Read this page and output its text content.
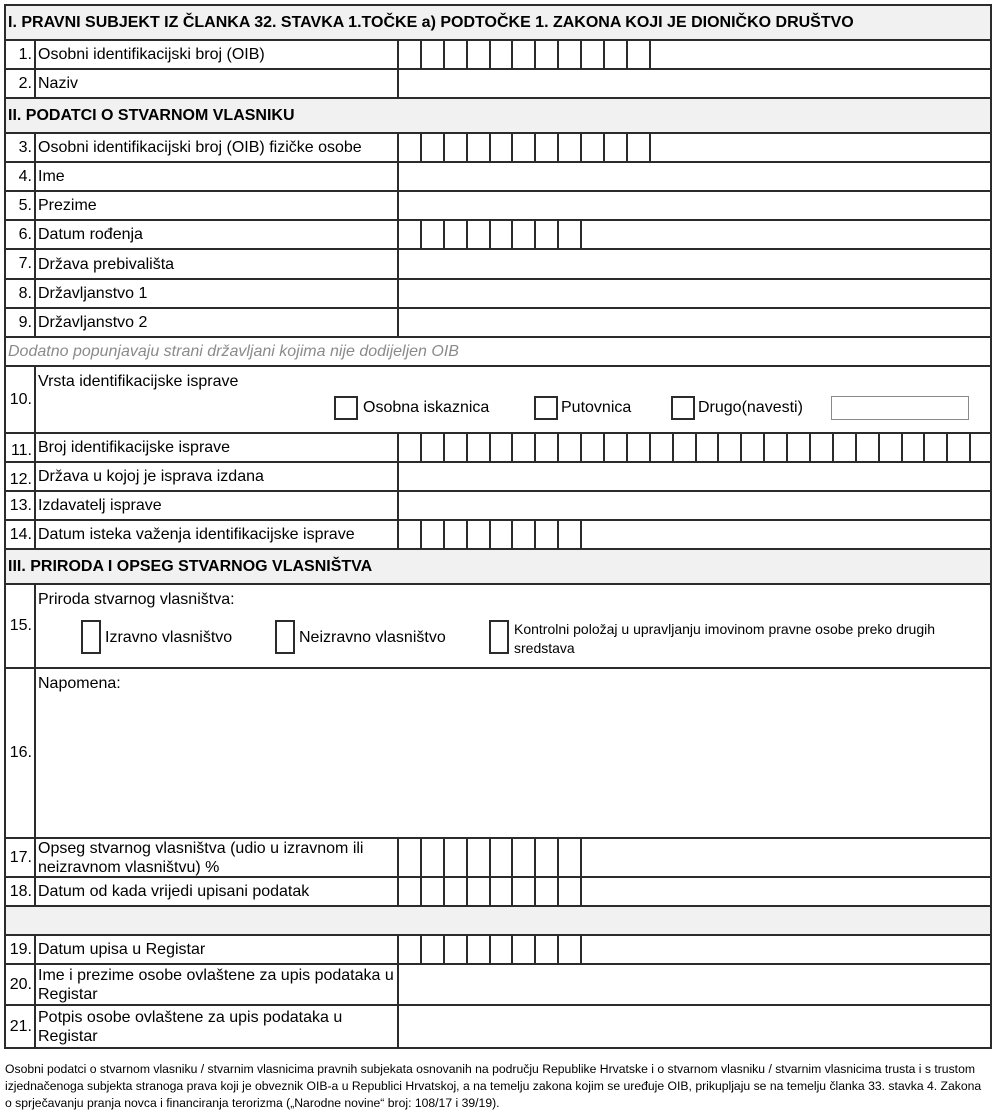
I. PRAVNI SUBJEKT IZ ČLANKA 32. STAVKA 1.TOČKE a) PODTOČKE 1. ZAKONA KOJI JE DIONIČKO DRUŠTVO
1. Osobni identifikacijski broj (OIB)
2. Naziv
II. PODATCI O STVARNOM VLASNIKU
3. Osobni identifikacijski broj (OIB) fizičke osobe
4. Ime
5. Prezime
6. Datum rođenja
7. Država prebivališta
8. Državljanstvo 1
9. Državljanstvo 2
Dodatno popunjavaju strani državljani kojima nije dodijeljen OIB
10.
Vrsta identifikacijske isprave
Osobna iskaznica	Putovnica	Drugo(navesti)
11. Broj identifikacijske isprave
12. Država u kojoj je isprava izdana
13. Izdavatelj isprave
14. Datum isteka važenja identifikacijske isprave
III. PRIRODA I OPSEG STVARNOG VLASNIŠTVA
15.
Priroda stvarnog vlasništva:
Izravno vlasništvo	Neizravno vlasništvo	Kontrolni položaj u upravljanju imovinom pravne osobe preko drugih sredstava
16.
Napomena:
17.
Opseg stvarnog vlasništva (udio u izravnom ili neizravnom vlasništvu) %
18. Datum od kada vrijedi upisani podatak
19. Datum upisa u Registar
20.
Ime i prezime osobe ovlaštene za upis podataka u Registar
21.
Potpis osobe ovlaštene za upis podataka u Registar
Osobni podatci o stvarnom vlasniku / stvarnim vlasnicima pravnih subjekata osnovanih na području Republike Hrvatske i o stvarnom vlasniku / stvarnim vlasnicima trusta i s trustom izjednačenoga subjekta stranoga prava koji je obveznik OIB-a u Republici Hrvatskoj, a na temelju zakona kojim se uređuje OIB, prikupljaju se na temelju članka 33. stavka 4. Zakona o sprječavanju pranja novca i financiranja terorizma („Narodne novine“ broj: 108/17 i 39/19).
